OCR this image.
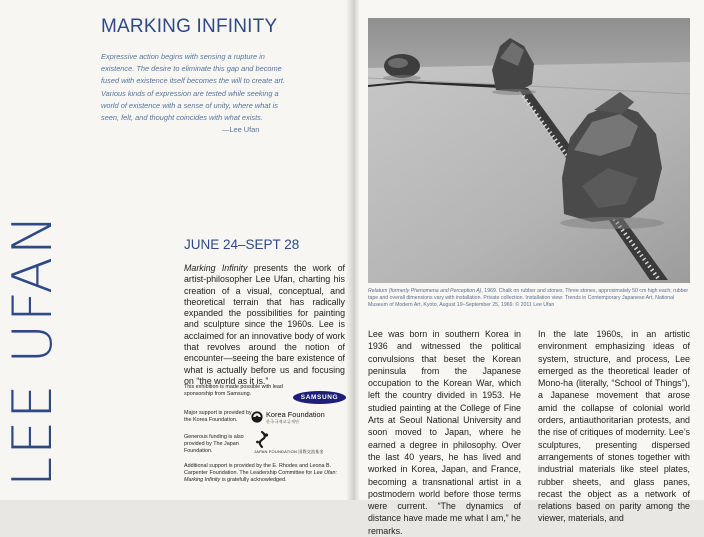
LEE UFAN
MARKING INFINITY
Expressive action begins with sensing a rupture in existence. The desire to eliminate this gap and become fused with existence itself becomes the will to create art. Various kinds of expression are tested while seeking a world of existence with a sense of unity, where what is seen, felt, and thought coincides with what exists.
—Lee Ufan
JUNE 24–SEPT 28
Marking Infinity presents the work of artist-philosopher Lee Ufan, charting his creation of a visual, conceptual, and theoretical terrain that has radically expanded the possibilities for painting and sculpture since the 1960s. Lee is acclaimed for an innovative body of work that revolves around the notion of encounter—seeing the bare existence of what is actually before us and focusing on “the world as it is.”
This exhibition is made possible with lead sponsorship from Samsung.	SAMSUNG
Major support is provided by the Korea Foundation.
Korea Foundation
한국국제교류재단
Generous funding is also provided by The Japan Foundation.	JAPAN FOUNDATION 国際交流基金
Additional support is provided by the E. Rhodes and Leona B. Carpenter Foundation. The Leadership Committee for Lee Ufan: Marking Infinity is gratefully acknowledged.
Relatum (formerly Phenomena and Perception A), 1969. Chalk on rubber and stones. Three stones, approximately 50 cm high each; rubber tape and overall dimensions vary with installation. Private collection. Installation view: Trends in Contemporary Japanese Art, National Museum of Modern Art, Kyoto, August 19–September 25, 1969. © 2011 Lee Ufan
Lee was born in southern Korea in 1936 and witnessed the political convulsions that beset the Korean peninsula from the Japanese occupation to the Korean War, which left the country divided in 1953. He studied painting at the College of Fine Arts at Seoul National University and soon moved to Japan, where he earned a degree in philosophy. Over the last 40 years, he has lived and worked in Korea, Japan, and France, becoming a transnational artist in a postmodern world before those terms were current. “The dynamics of distance have made me what I am,” he remarks.
In the late 1960s, in an artistic environment emphasizing ideas of system, structure, and process, Lee emerged as the theoretical leader of Mono-ha (literally, “School of Things”), a Japanese movement that arose amid the collapse of colonial world orders, antiauthoritarian protests, and the rise of critiques of modernity. Lee’s sculptures, presenting dispersed arrangements of stones together with industrial materials like steel plates, rubber sheets, and glass panes, recast the object as a network of relations based on parity among the viewer, materials, and
